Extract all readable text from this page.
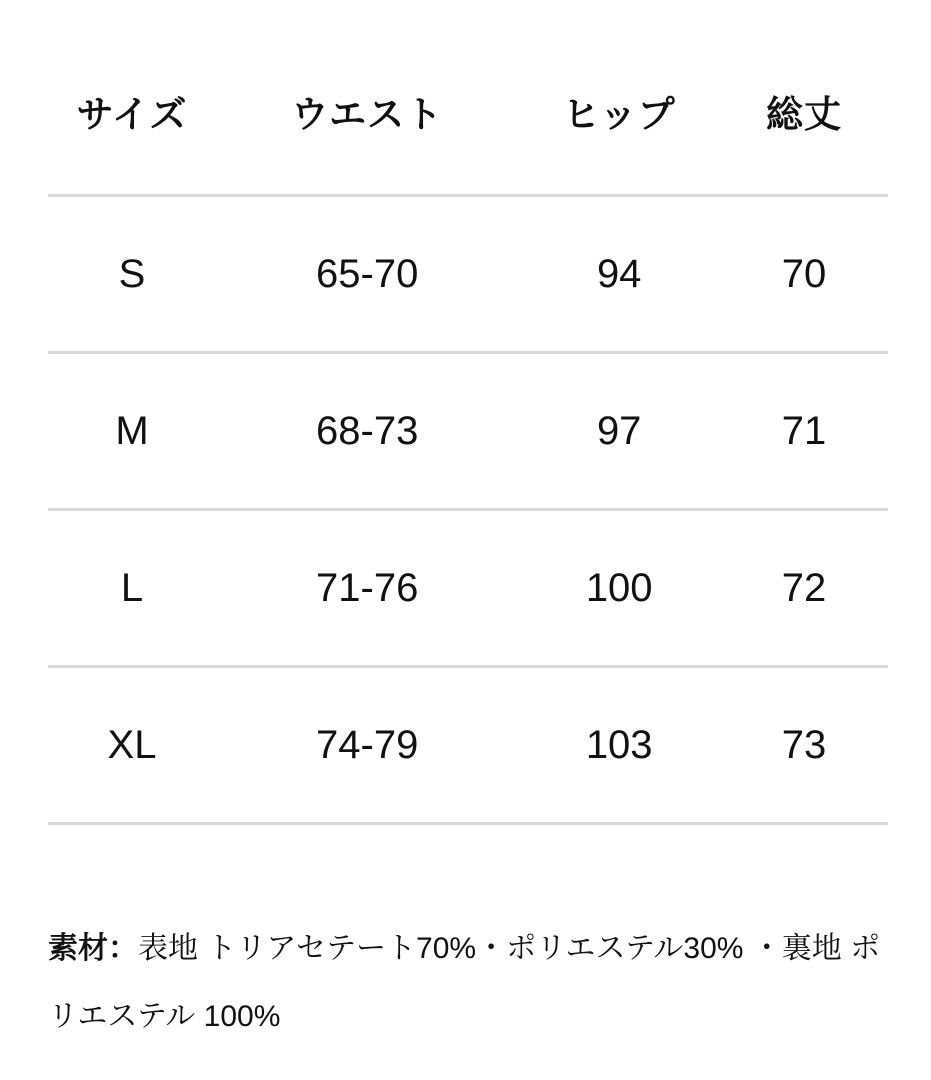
サイズ	ウエスト	ヒップ	総丈
S	65-70	94	70
M	68-73	97	71
L	71-76	100	72
XL	74-79	103	73
素材：表地 トリアセテート70%・ポリエステル30% ・裏地 ポ
リエステル 100%
